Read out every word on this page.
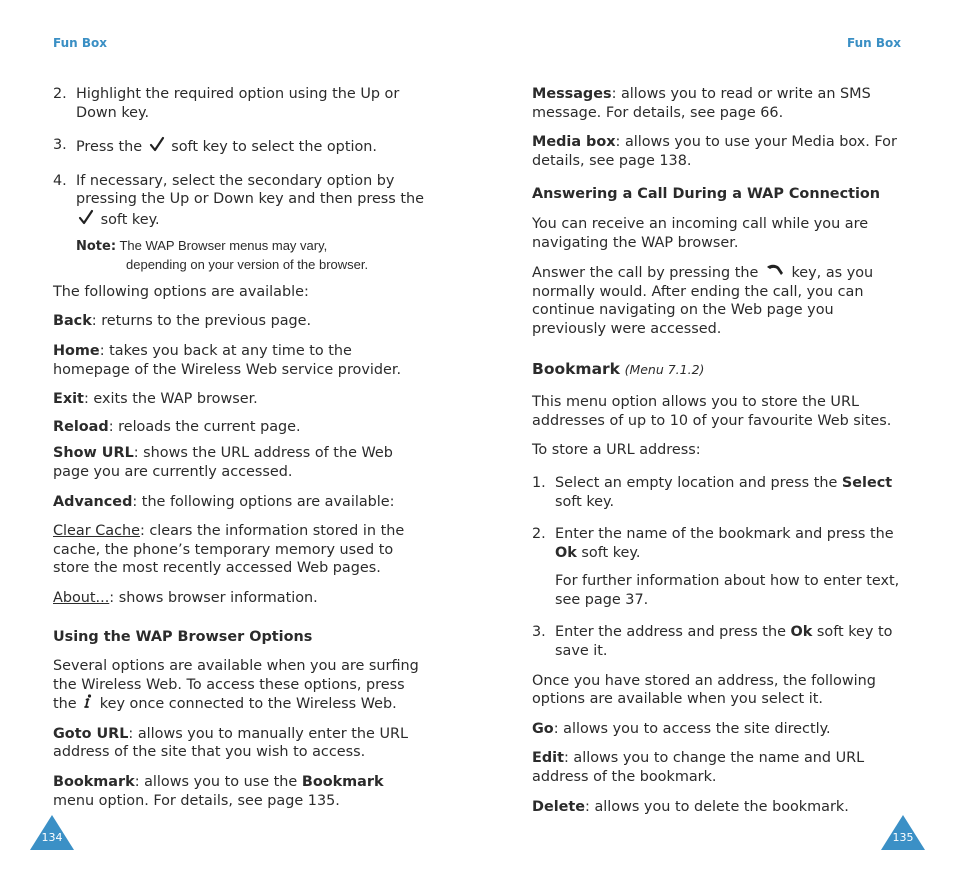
Fun Box	Fun Box
2. Highlight the required option using the Up or Down key.
3. Press the soft key to select the option.
4. If necessary, select the secondary option by pressing the Up or Down key and then press the  soft key.
Note: The WAP Browser menus may vary,
depending on your version of the browser.

The following options are available:

Back: returns to the previous page.

Home: takes you back at any time to the homepage of the Wireless Web service provider.

Exit: exits the WAP browser.

Reload: reloads the current page.

Show URL: shows the URL address of the Web page you are currently accessed.

Advanced: the following options are available:

Clear Cache: clears the information stored in the cache, the phone’s temporary memory used to store the most recently accessed Web pages.

About...: shows browser information.

Using the WAP Browser Options

Several options are available when you are surfing the Wireless Web. To access these options, press the key once connected to the Wireless Web.

Goto URL: allows you to manually enter the URL address of the site that you wish to access.

Bookmark: allows you to use the Bookmark menu option. For details, see page 135.

Messages: allows you to read or write an SMS message. For details, see page 66.

Media box: allows you to use your Media box. For details, see page 138.

Answering a Call During a WAP Connection

You can receive an incoming call while you are navigating the WAP browser.

Answer the call by pressing the key, as you normally would. After ending the call, you can continue navigating on the Web page you previously were accessed.

Bookmark (Menu 7.1.2)

This menu option allows you to store the URL addresses of up to 10 of your favourite Web sites.

To store a URL address:

1. Select an empty location and press the Select soft key.
2. Enter the name of the bookmark and press the Ok soft key.

For further information about how to enter text, see page 37.

3. Enter the address and press the Ok soft key to save it.

Once you have stored an address, the following options are available when you select it.

Go: allows you to access the site directly.

Edit: allows you to change the name and URL address of the bookmark.

Delete: allows you to delete the bookmark.

134	135
